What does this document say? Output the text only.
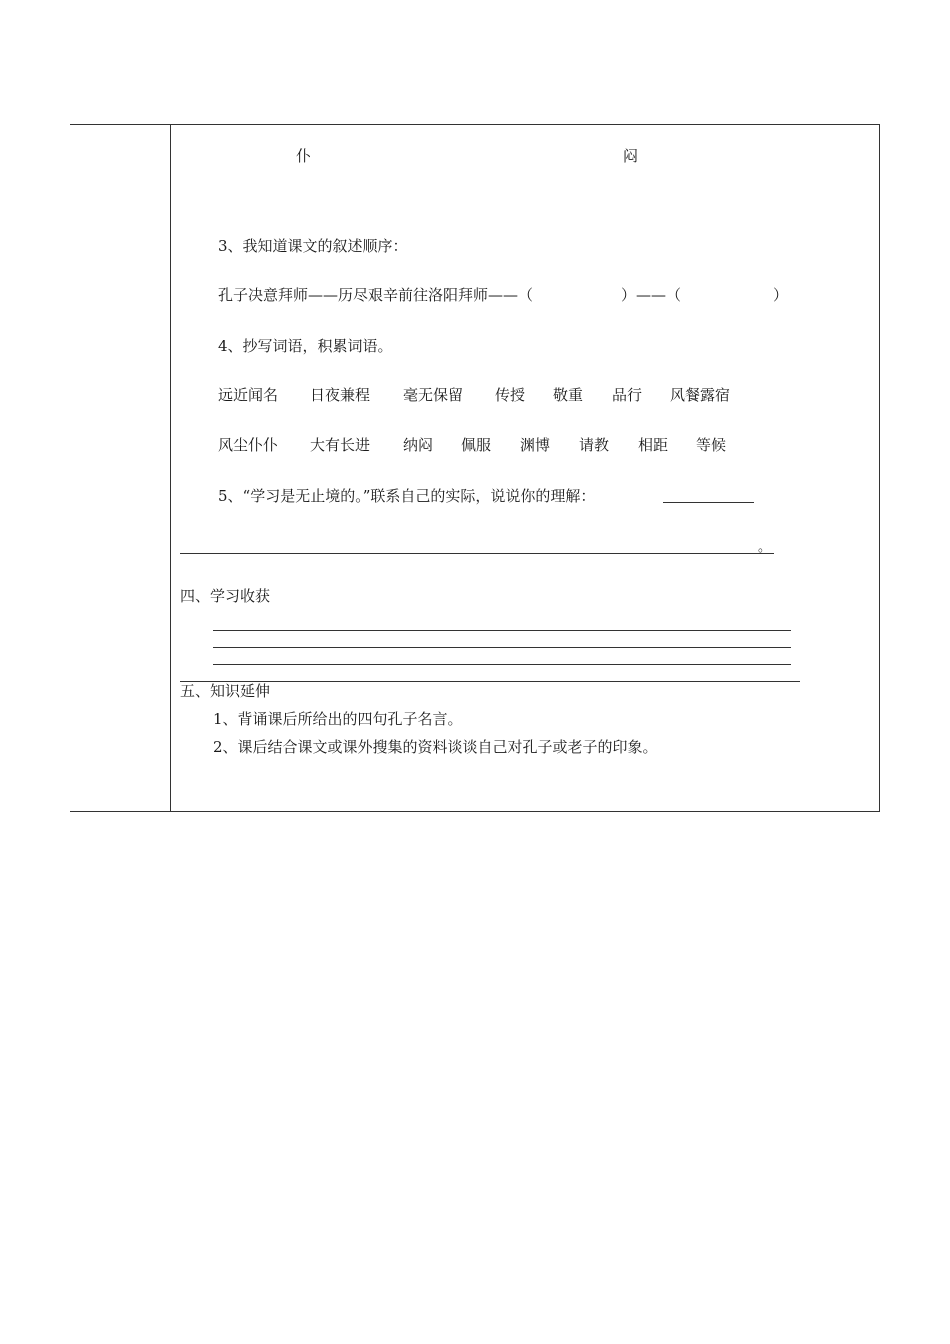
仆	闷
3、我知道课文的叙述顺序：
孔子决意拜师——历尽艰辛前往洛阳拜师——（	）——（	）
4、抄写词语，积累词语。
远近闻名 日夜兼程 毫无保留 传授 敬重 品行 风餐露宿
风尘仆仆 大有长进 纳闷 佩服 渊博 请教 相距 等候
5、“学习是无止境的。”联系自己的实际，说说你的理解：
。
四、学习收获
五、知识延伸
1、背诵课后所给出的四句孔子名言。
2、课后结合课文或课外搜集的资料谈谈自己对孔子或老子的印象。
